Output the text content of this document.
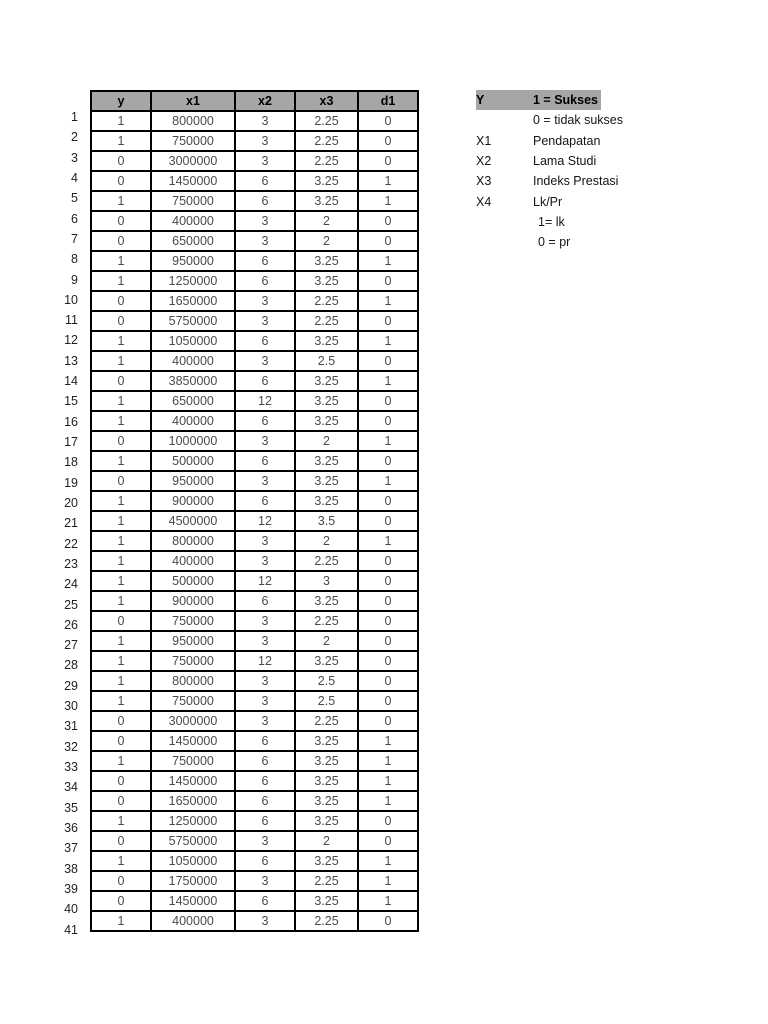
1
2
3
4
5
6
7
8
9
10
11
12
13
14
15
16
17
18
19
20
21
22
23
24
25
26
27
28
29
30
31
32
33
34
35
36
37
38
39
40
41
y	x1	x2	x3	d1
1	800000	3	2.25	0
1	750000	3	2.25	0
0	3000000	3	2.25	0
0	1450000	6	3.25	1
1	750000	6	3.25	1
0	400000	3	2	0
0	650000	3	2	0
1	950000	6	3.25	1
1	1250000	6	3.25	0
0	1650000	3	2.25	1
0	5750000	3	2.25	0
1	1050000	6	3.25	1
1	400000	3	2.5	0
0	3850000	6	3.25	1
1	650000	12	3.25	0
1	400000	6	3.25	0
0	1000000	3	2	1
1	500000	6	3.25	0
0	950000	3	3.25	1
1	900000	6	3.25	0
1	4500000	12	3.5	0
1	800000	3	2	1
1	400000	3	2.25	0
1	500000	12	3	0
1	900000	6	3.25	0
0	750000	3	2.25	0
1	950000	3	2	0
1	750000	12	3.25	0
1	800000	3	2.5	0
1	750000	3	2.5	0
0	3000000	3	2.25	0
0	1450000	6	3.25	1
1	750000	6	3.25	1
0	1450000	6	3.25	1
0	1650000	6	3.25	1
1	1250000	6	3.25	0
0	5750000	3	2	0
1	1050000	6	3.25	1
0	1750000	3	2.25	1
0	1450000	6	3.25	1
1	400000	3	2.25	0
Y	1 = Sukses
0 = tidak sukses
X1	Pendapatan
X2	Lama Studi
X3	Indeks Prestasi
X4	Lk/Pr
1= lk
0 = pr
